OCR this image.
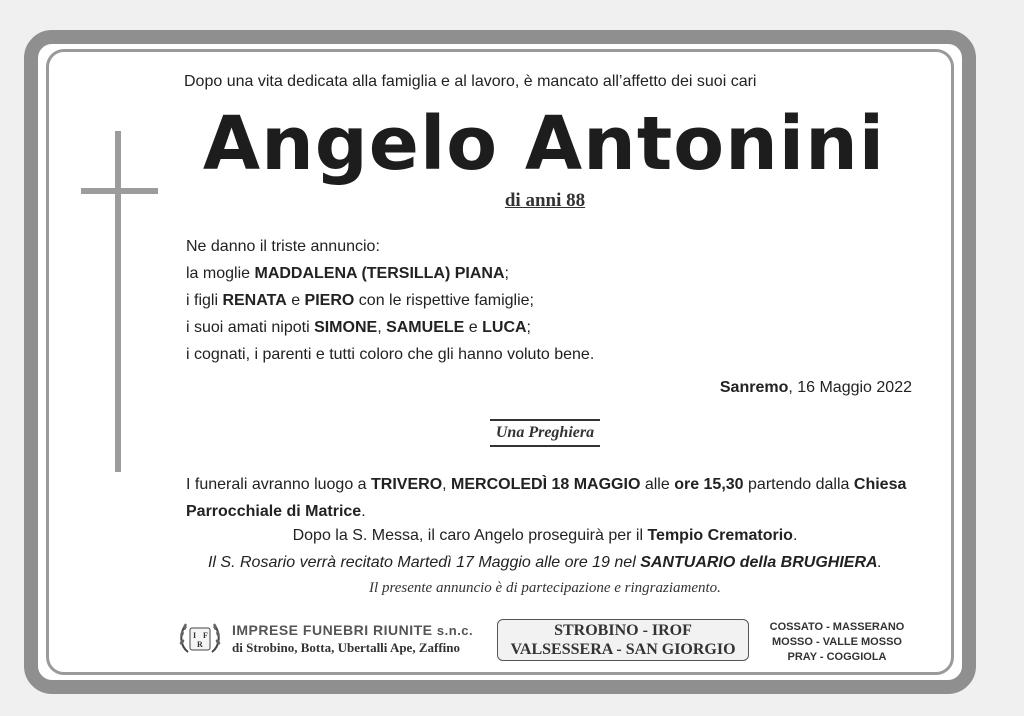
Dopo una vita dedicata alla famiglia e al lavoro, è mancato all’affetto dei suoi cari
Angelo Antonini
di anni 88
Ne danno il triste annuncio:
la moglie MADDALENA (TERSILLA) PIANA;
i figli RENATA e PIERO con le rispettive famiglie;
i suoi amati nipoti SIMONE, SAMUELE e LUCA;
i cognati, i parenti e tutti coloro che gli hanno voluto bene.
Sanremo, 16 Maggio 2022
Una Preghiera
I funerali avranno luogo a TRIVERO, MERCOLEDÌ 18 MAGGIO alle ore 15,30 partendo dalla Chiesa
Parrocchiale di Matrice.
Dopo la S. Messa, il caro Angelo proseguirà per il Tempio Crematorio.
Il S. Rosario verrà recitato Martedì 17 Maggio alle ore 19 nel SANTUARIO della BRUGHIERA.
Il presente annuncio è di partecipazione e ringraziamento.
I F
R
IMPRESE FUNEBRI RIUNITE s.n.c.
di Strobino, Botta, Ubertalli Ape, Zaffino
STROBINO - IROF
VALSESSERA - SAN GIORGIO
COSSATO - MASSERANO
MOSSO - VALLE MOSSO
PRAY - COGGIOLA
